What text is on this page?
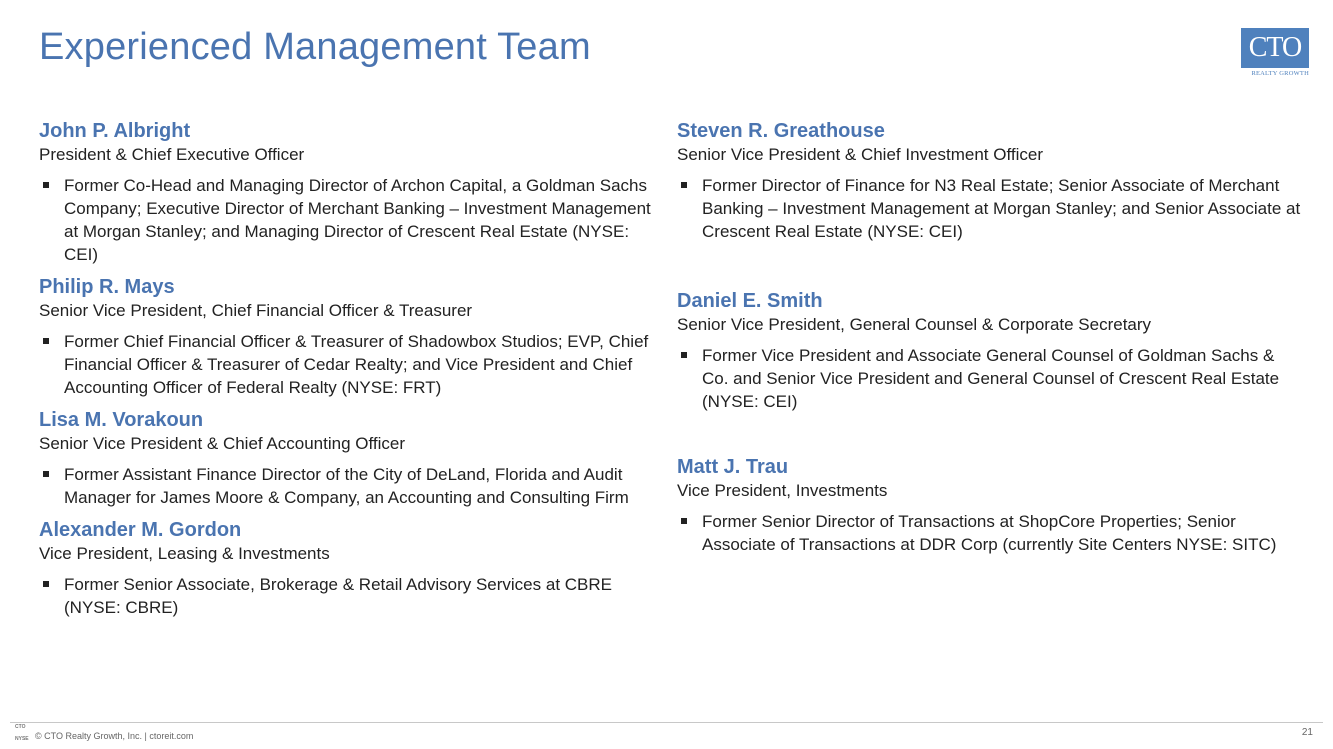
Experienced Management Team	CTO
REALTY GROWTH
John P. Albright
President & Chief Executive Officer
Former Co-Head and Managing Director of Archon Capital, a Goldman Sachs Company; Executive Director of Merchant Banking – Investment Management at Morgan Stanley; and Managing Director of Crescent Real Estate (NYSE: CEI)
Philip R. Mays
Senior Vice President, Chief Financial Officer & Treasurer
Former Chief Financial Officer & Treasurer of Shadowbox Studios; EVP, Chief Financial Officer & Treasurer of Cedar Realty; and Vice President and Chief Accounting Officer of Federal Realty (NYSE: FRT)
Lisa M. Vorakoun
Senior Vice President & Chief Accounting Officer
Former Assistant Finance Director of the City of DeLand, Florida and Audit Manager for James Moore & Company, an Accounting and Consulting Firm
Alexander M. Gordon
Vice President, Leasing & Investments
Former Senior Associate, Brokerage & Retail Advisory Services at CBRE (NYSE: CBRE)
Steven R. Greathouse
Senior Vice President & Chief Investment Officer
Former Director of Finance for N3 Real Estate; Senior Associate of Merchant Banking – Investment Management at Morgan Stanley; and Senior Associate at Crescent Real Estate (NYSE: CEI)
Daniel E. Smith
Senior Vice President, General Counsel & Corporate Secretary
Former Vice President and Associate General Counsel of Goldman Sachs & Co. and Senior Vice President and General Counsel of Crescent Real Estate (NYSE: CEI)
Matt J. Trau
Vice President, Investments
Former Senior Director of Transactions at ShopCore Properties; Senior Associate of Transactions at DDR Corp (currently Site Centers NYSE: SITC)
CTO
NYSE © CTO Realty Growth, Inc. | ctoreit.com	21
